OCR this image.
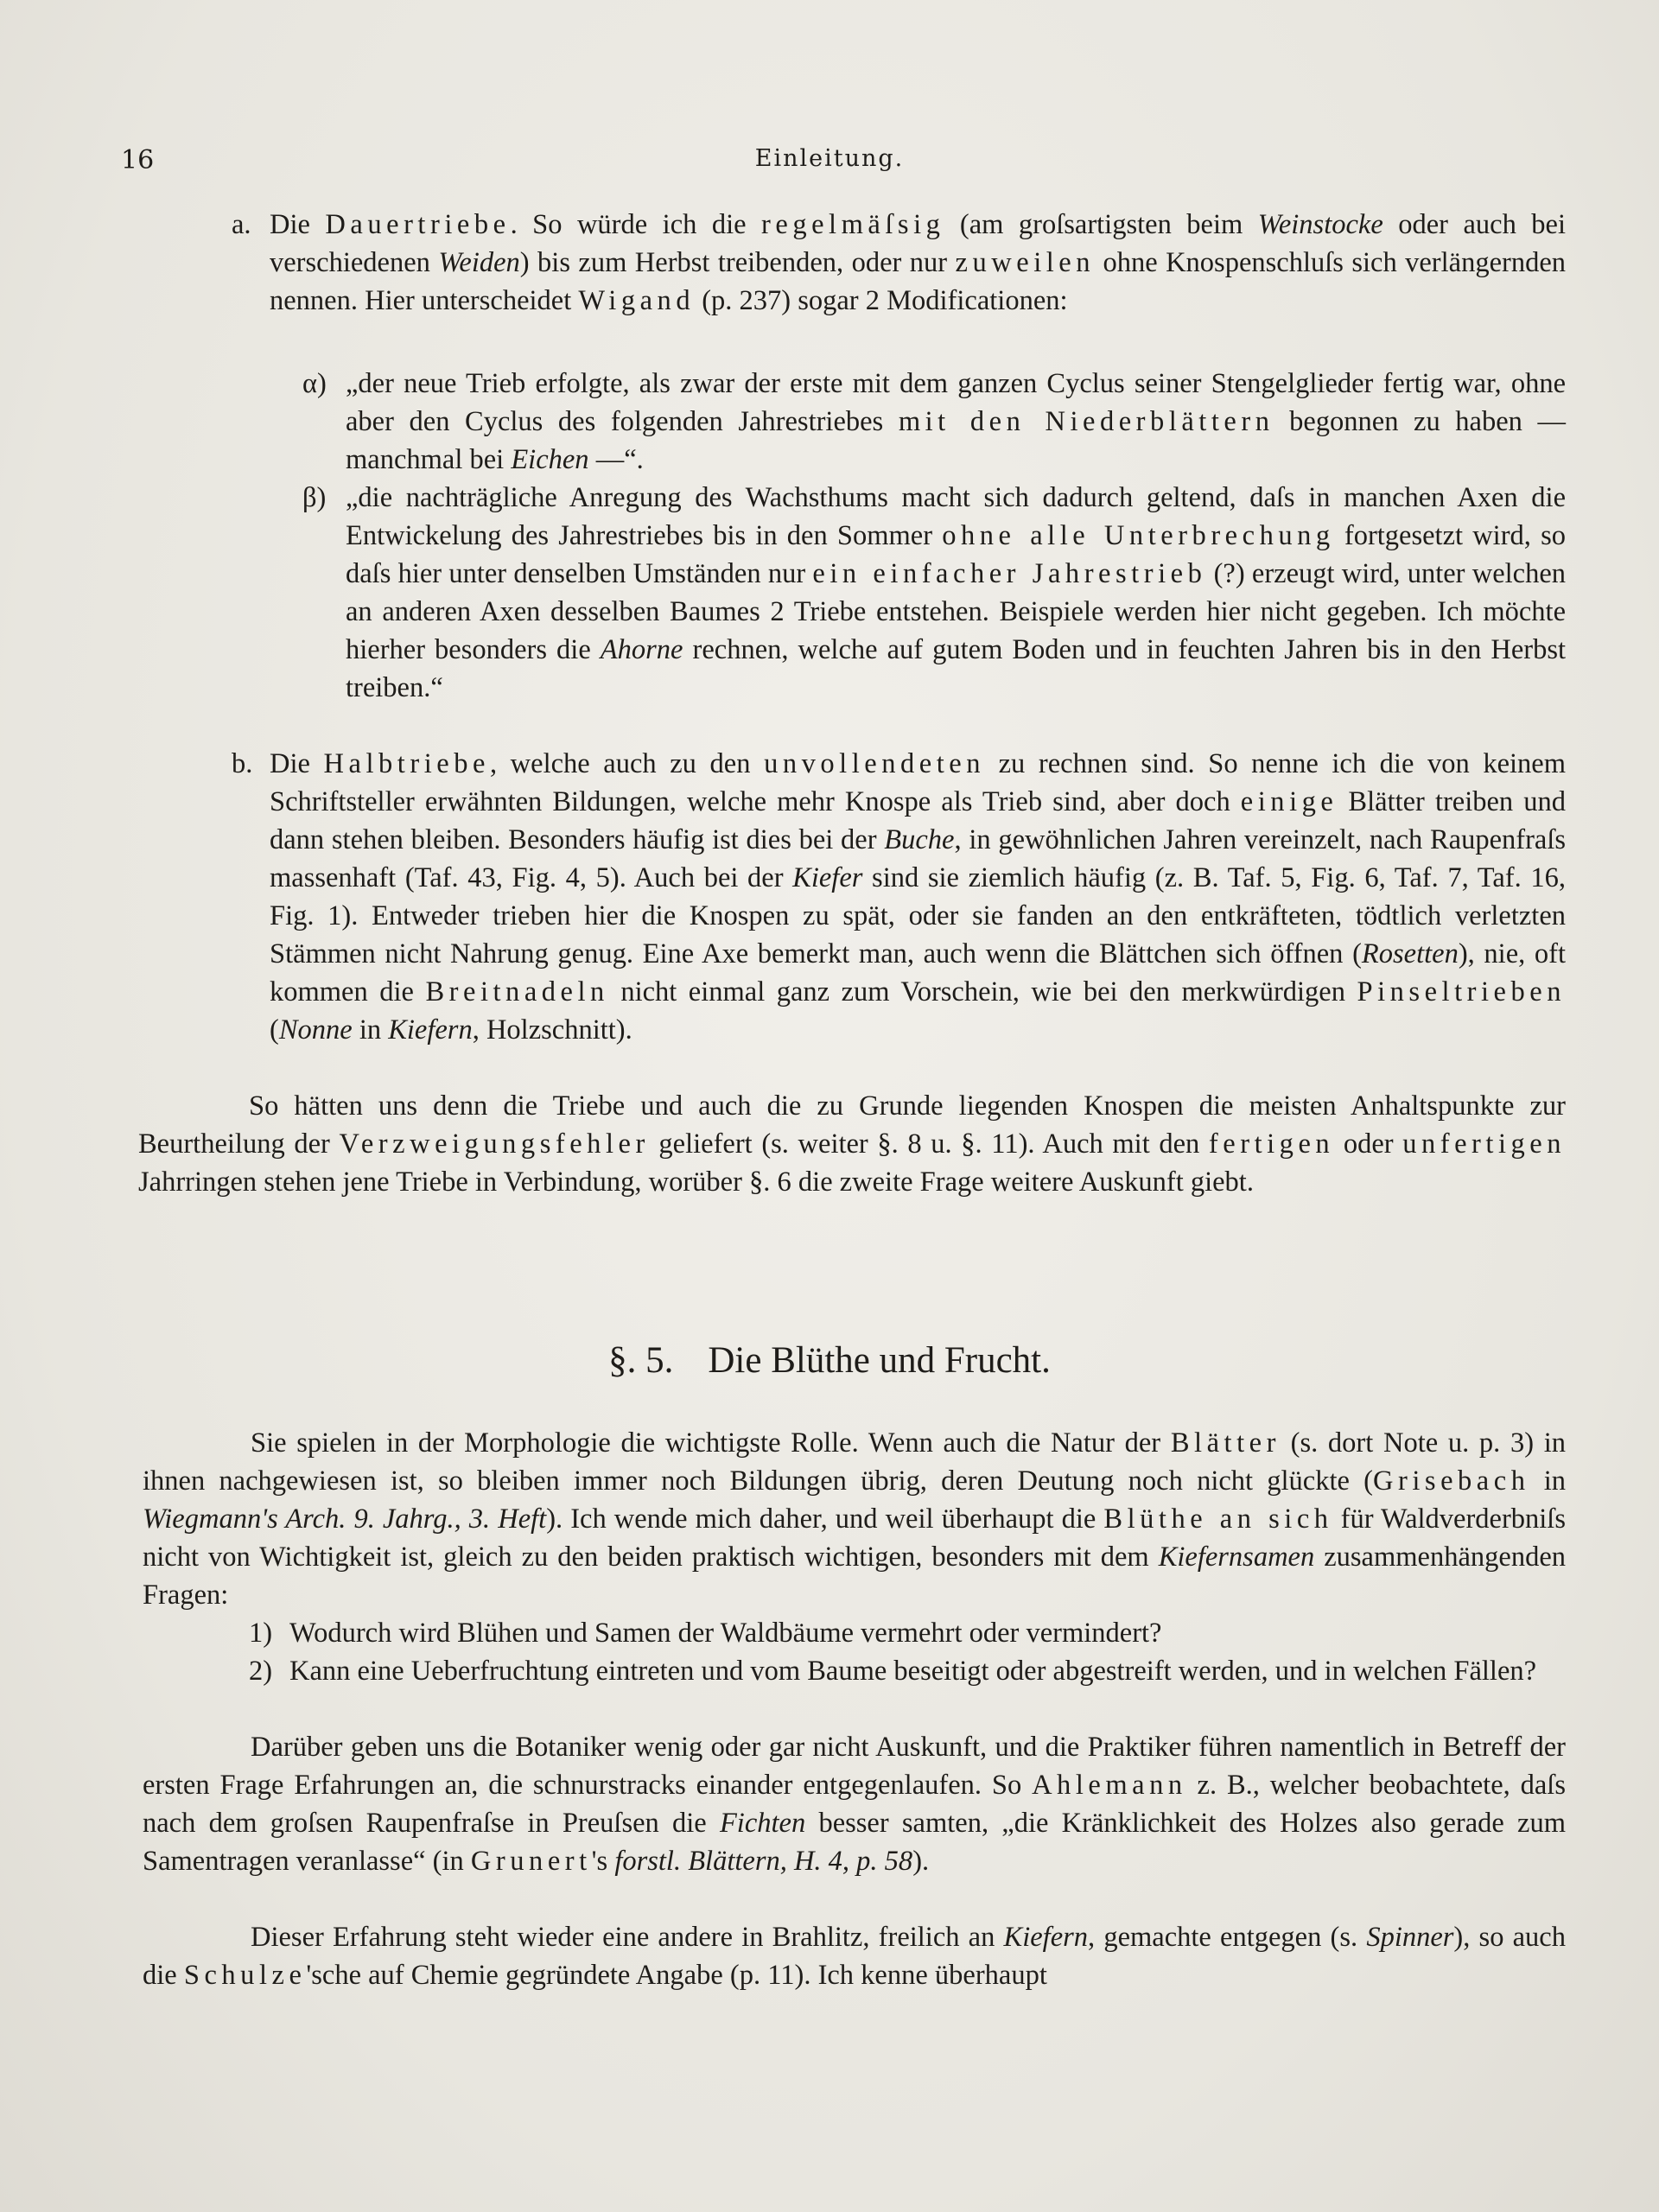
16	Einleitung.
a. Die Dauertriebe. So würde ich die regelmäſsig (am groſsartigsten beim Weinstocke oder auch bei verschiedenen Weiden) bis zum Herbst treibenden, oder nur zuweilen ohne Knospenschluſs sich verlängernden nennen. Hier unterscheidet Wigand (p. 237) sogar 2 Modificationen:

α) „der neue Trieb erfolgte, als zwar der erste mit dem ganzen Cyclus seiner Stengelglieder fertig war, ohne aber den Cyclus des folgenden Jahrestriebes mit den Niederblättern begonnen zu haben — manchmal bei Eichen —“.

β) „die nachträgliche Anregung des Wachsthums macht sich dadurch geltend, daſs in manchen Axen die Entwickelung des Jahrestriebes bis in den Sommer ohne alle Unterbrechung fortgesetzt wird, so daſs hier unter denselben Umständen nur ein einfacher Jahrestrieb (?) erzeugt wird, unter welchen an anderen Axen desselben Baumes 2 Triebe entstehen. Beispiele werden hier nicht gegeben. Ich möchte hierher besonders die Ahorne rechnen, welche auf gutem Boden und in feuchten Jahren bis in den Herbst treiben.“

b. Die Halbtriebe, welche auch zu den unvollendeten zu rechnen sind. So nenne ich die von keinem Schriftsteller erwähnten Bildungen, welche mehr Knospe als Trieb sind, aber doch einige Blätter treiben und dann stehen bleiben. Besonders häufig ist dies bei der Buche, in gewöhnlichen Jahren vereinzelt, nach Raupenfraſs massenhaft (Taf. 43, Fig. 4, 5). Auch bei der Kiefer sind sie ziemlich häufig (z. B. Taf. 5, Fig. 6, Taf. 7, Taf. 16, Fig. 1). Entweder trieben hier die Knospen zu spät, oder sie fanden an den entkräfteten, tödtlich verletzten Stämmen nicht Nahrung genug. Eine Axe bemerkt man, auch wenn die Blättchen sich öffnen (Rosetten), nie, oft kommen die Breitnadeln nicht einmal ganz zum Vorschein, wie bei den merkwürdigen Pinseltrieben (Nonne in Kiefern, Holzschnitt).

So hätten uns denn die Triebe und auch die zu Grunde liegenden Knospen die meisten Anhaltspunkte zur Beurtheilung der Verzweigungsfehler geliefert (s. weiter §. 8 u. §. 11). Auch mit den fertigen oder unfertigen Jahrringen stehen jene Triebe in Verbindung, worüber §. 6 die zweite Frage weitere Auskunft giebt.

§. 5. Die Blüthe und Frucht.

Sie spielen in der Morphologie die wichtigste Rolle. Wenn auch die Natur der Blätter (s. dort Note u. p. 3) in ihnen nachgewiesen ist, so bleiben immer noch Bildungen übrig, deren Deutung noch nicht glückte (Grisebach in Wiegmann's Arch. 9. Jahrg., 3. Heft). Ich wende mich daher, und weil überhaupt die Blüthe an sich für Waldverderbniſs nicht von Wichtigkeit ist, gleich zu den beiden praktisch wichtigen, besonders mit dem Kiefernsamen zusammenhängenden Fragen:

1) Wodurch wird Blühen und Samen der Waldbäume vermehrt oder vermindert?

2) Kann eine Ueberfruchtung eintreten und vom Baume beseitigt oder abgestreift werden, und in welchen Fällen?

Darüber geben uns die Botaniker wenig oder gar nicht Auskunft, und die Praktiker führen namentlich in Betreff der ersten Frage Erfahrungen an, die schnurstracks einander entgegenlaufen. So Ahlemann z. B., welcher beobachtete, daſs nach dem groſsen Raupenfraſse in Preuſsen die Fichten besser samten, „die Kränklichkeit des Holzes also gerade zum Samentragen veranlasse“ (in Grunert's forstl. Blättern, H. 4, p. 58).

Dieser Erfahrung steht wieder eine andere in Brahlitz, freilich an Kiefern, gemachte entgegen (s. Spinner), so auch die Schulze'sche auf Chemie gegründete Angabe (p. 11). Ich kenne überhaupt
